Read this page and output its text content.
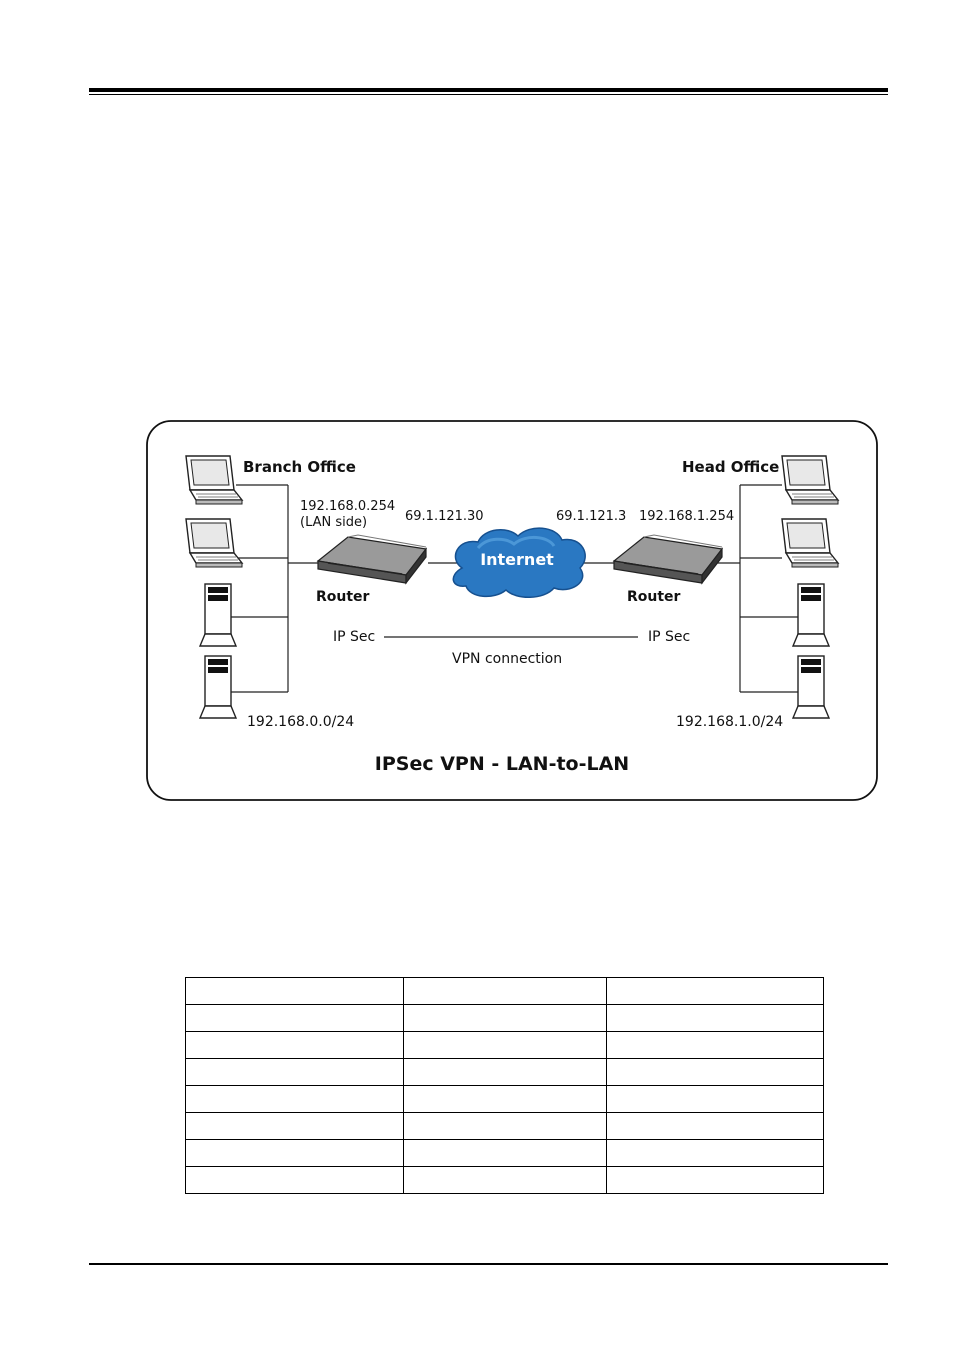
Branch Office
192.168.0.254
(LAN side)	69.1.121.30
Router
IP Sec
192.168.0.0/24
Head Office
69.1.121.3 192.168.1.254
Router
IP Sec
192.168.1.0/24
Internet
VPN connection
IPSec VPN - LAN-to-LAN
